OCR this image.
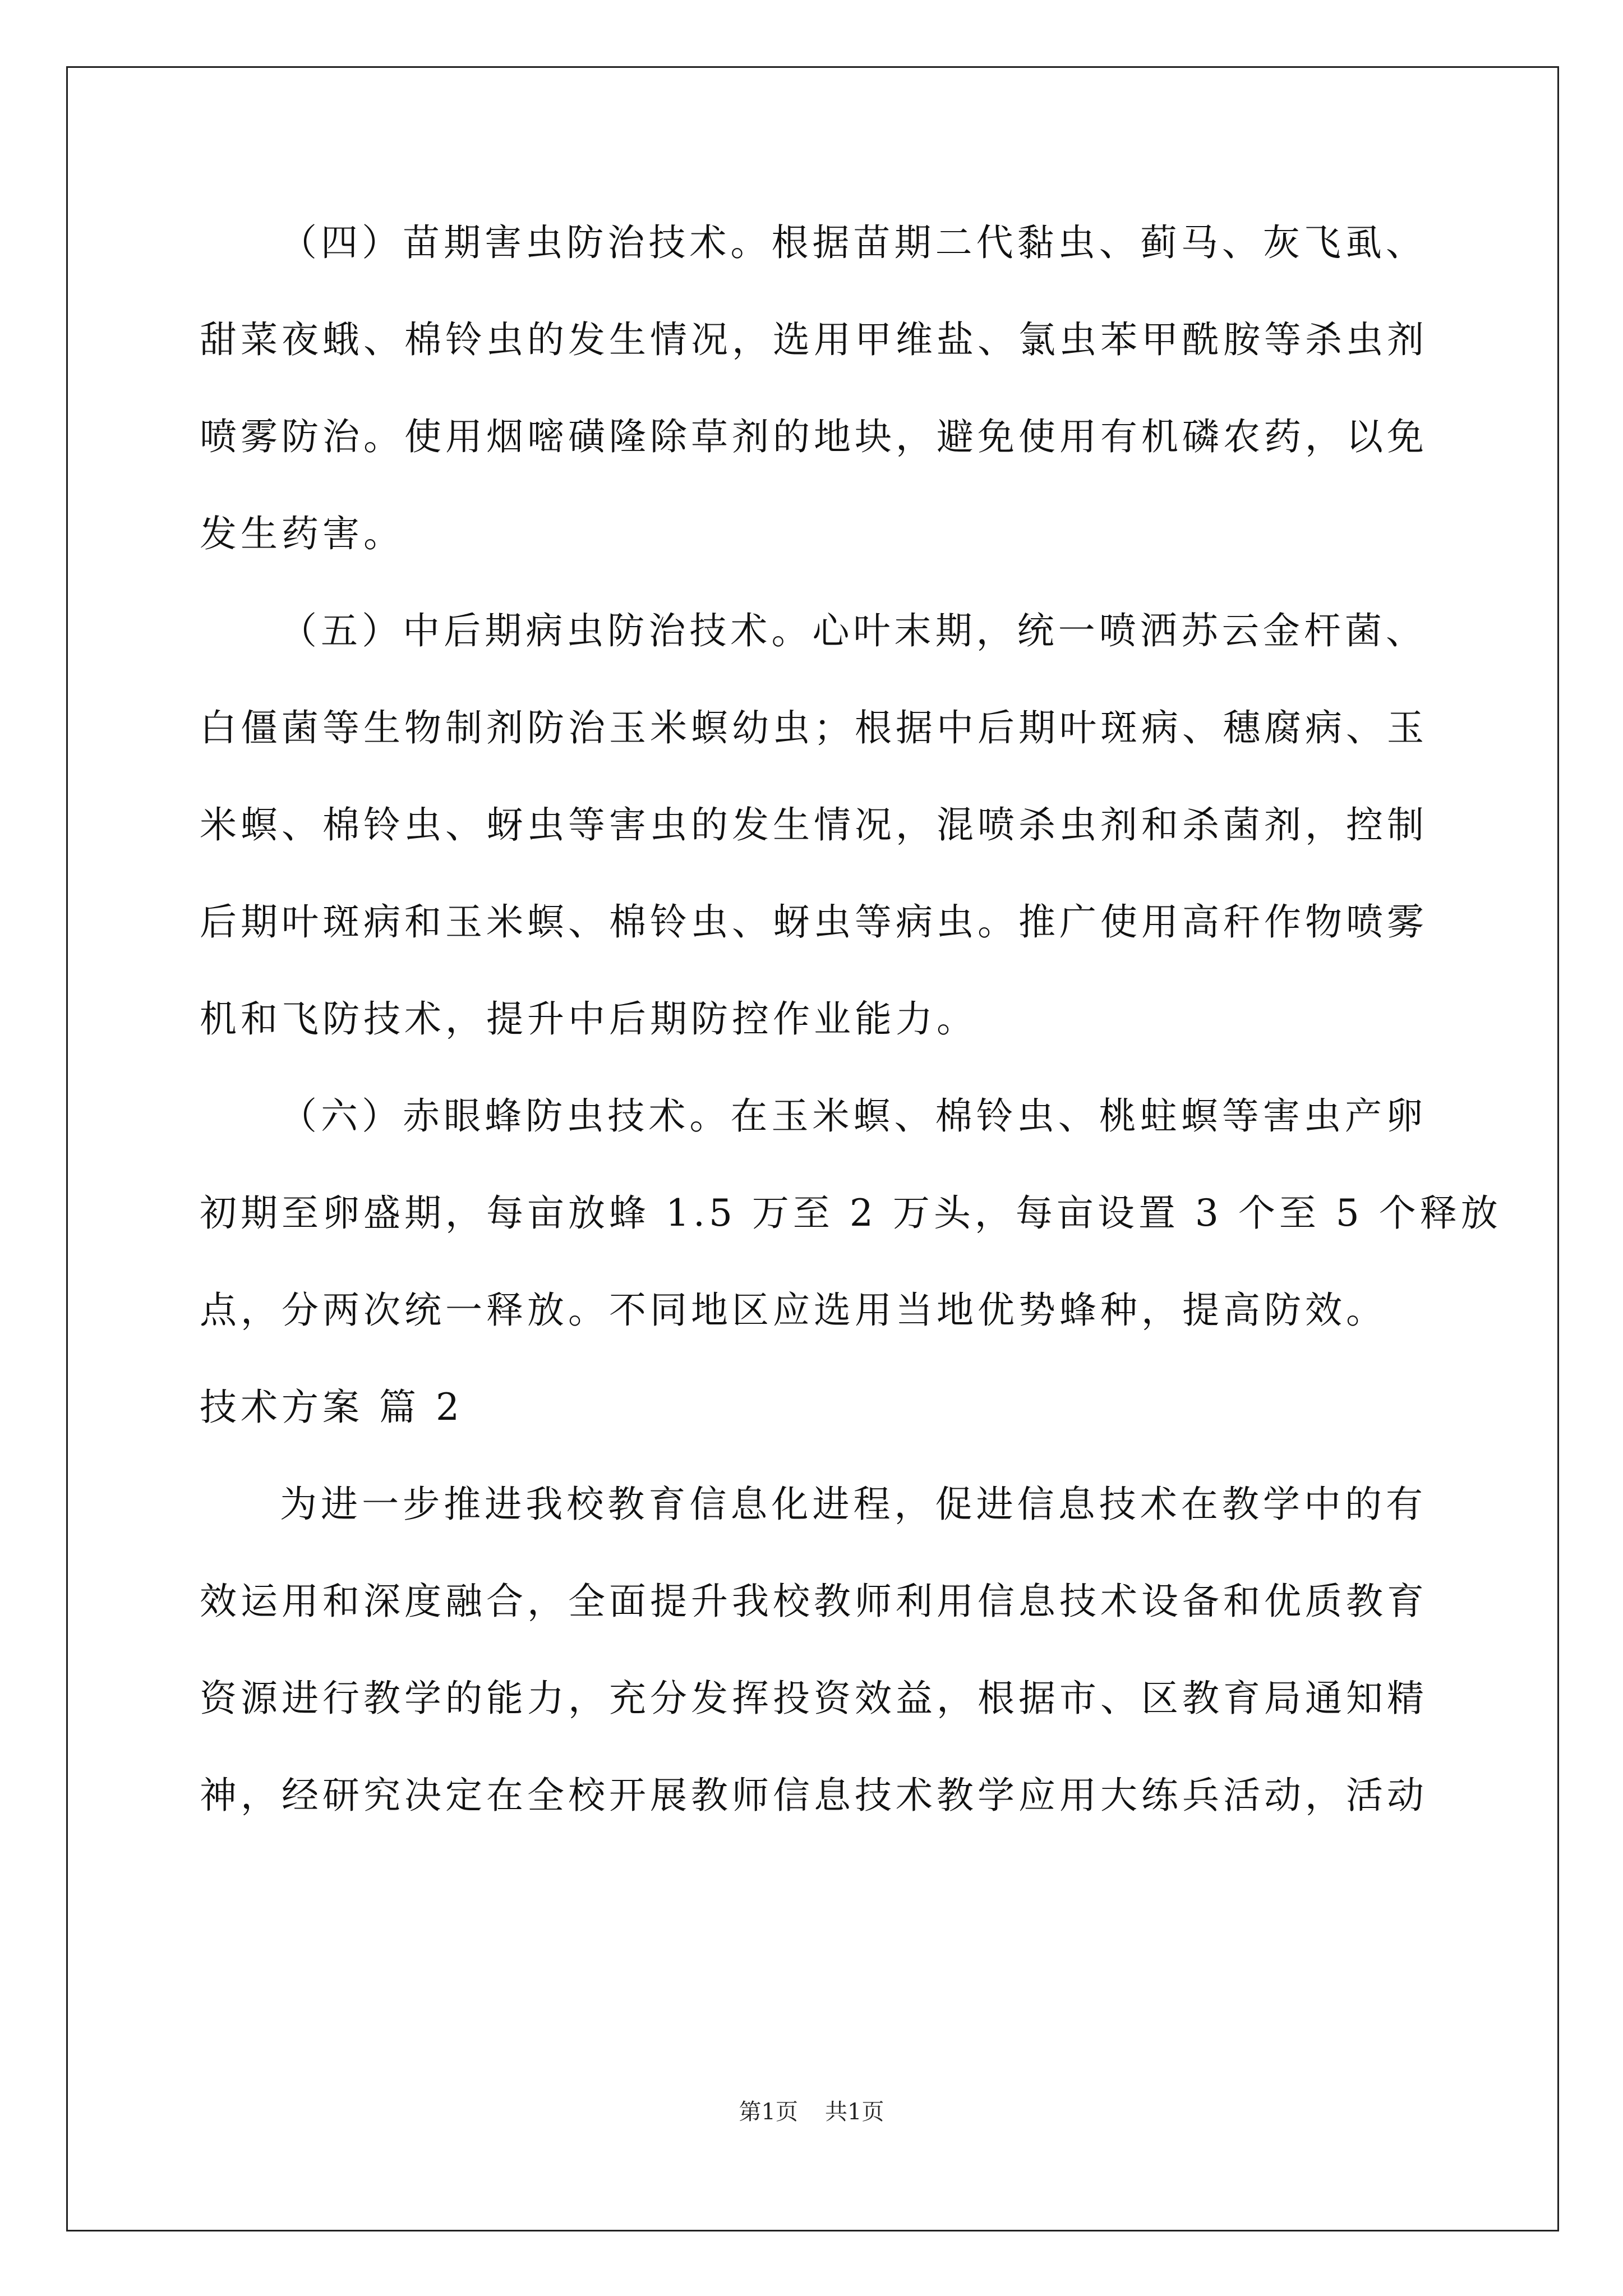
（四）苗期害虫防治技术。根据苗期二代黏虫、蓟马、灰飞虱、
甜菜夜蛾、棉铃虫的发生情况，选用甲维盐、氯虫苯甲酰胺等杀虫剂
喷雾防治。使用烟嘧磺隆除草剂的地块，避免使用有机磷农药，以免
发生药害。
（五）中后期病虫防治技术。心叶末期，统一喷洒苏云金杆菌、
白僵菌等生物制剂防治玉米螟幼虫；根据中后期叶斑病、穗腐病、玉
米螟、棉铃虫、蚜虫等害虫的发生情况，混喷杀虫剂和杀菌剂，控制
后期叶斑病和玉米螟、棉铃虫、蚜虫等病虫。推广使用高秆作物喷雾
机和飞防技术，提升中后期防控作业能力。
（六）赤眼蜂防虫技术。在玉米螟、棉铃虫、桃蛀螟等害虫产卵
初期至卵盛期，每亩放蜂 1.5 万至 2 万头，每亩设置 3 个至 5 个释放
点，分两次统一释放。不同地区应选用当地优势蜂种，提高防效。
技术方案 篇 2
为进一步推进我校教育信息化进程，促进信息技术在教学中的有
效运用和深度融合，全面提升我校教师利用信息技术设备和优质教育
资源进行教学的能力，充分发挥投资效益，根据市、区教育局通知精
神，经研究决定在全校开展教师信息技术教学应用大练兵活动，活动
第1页 共1页
